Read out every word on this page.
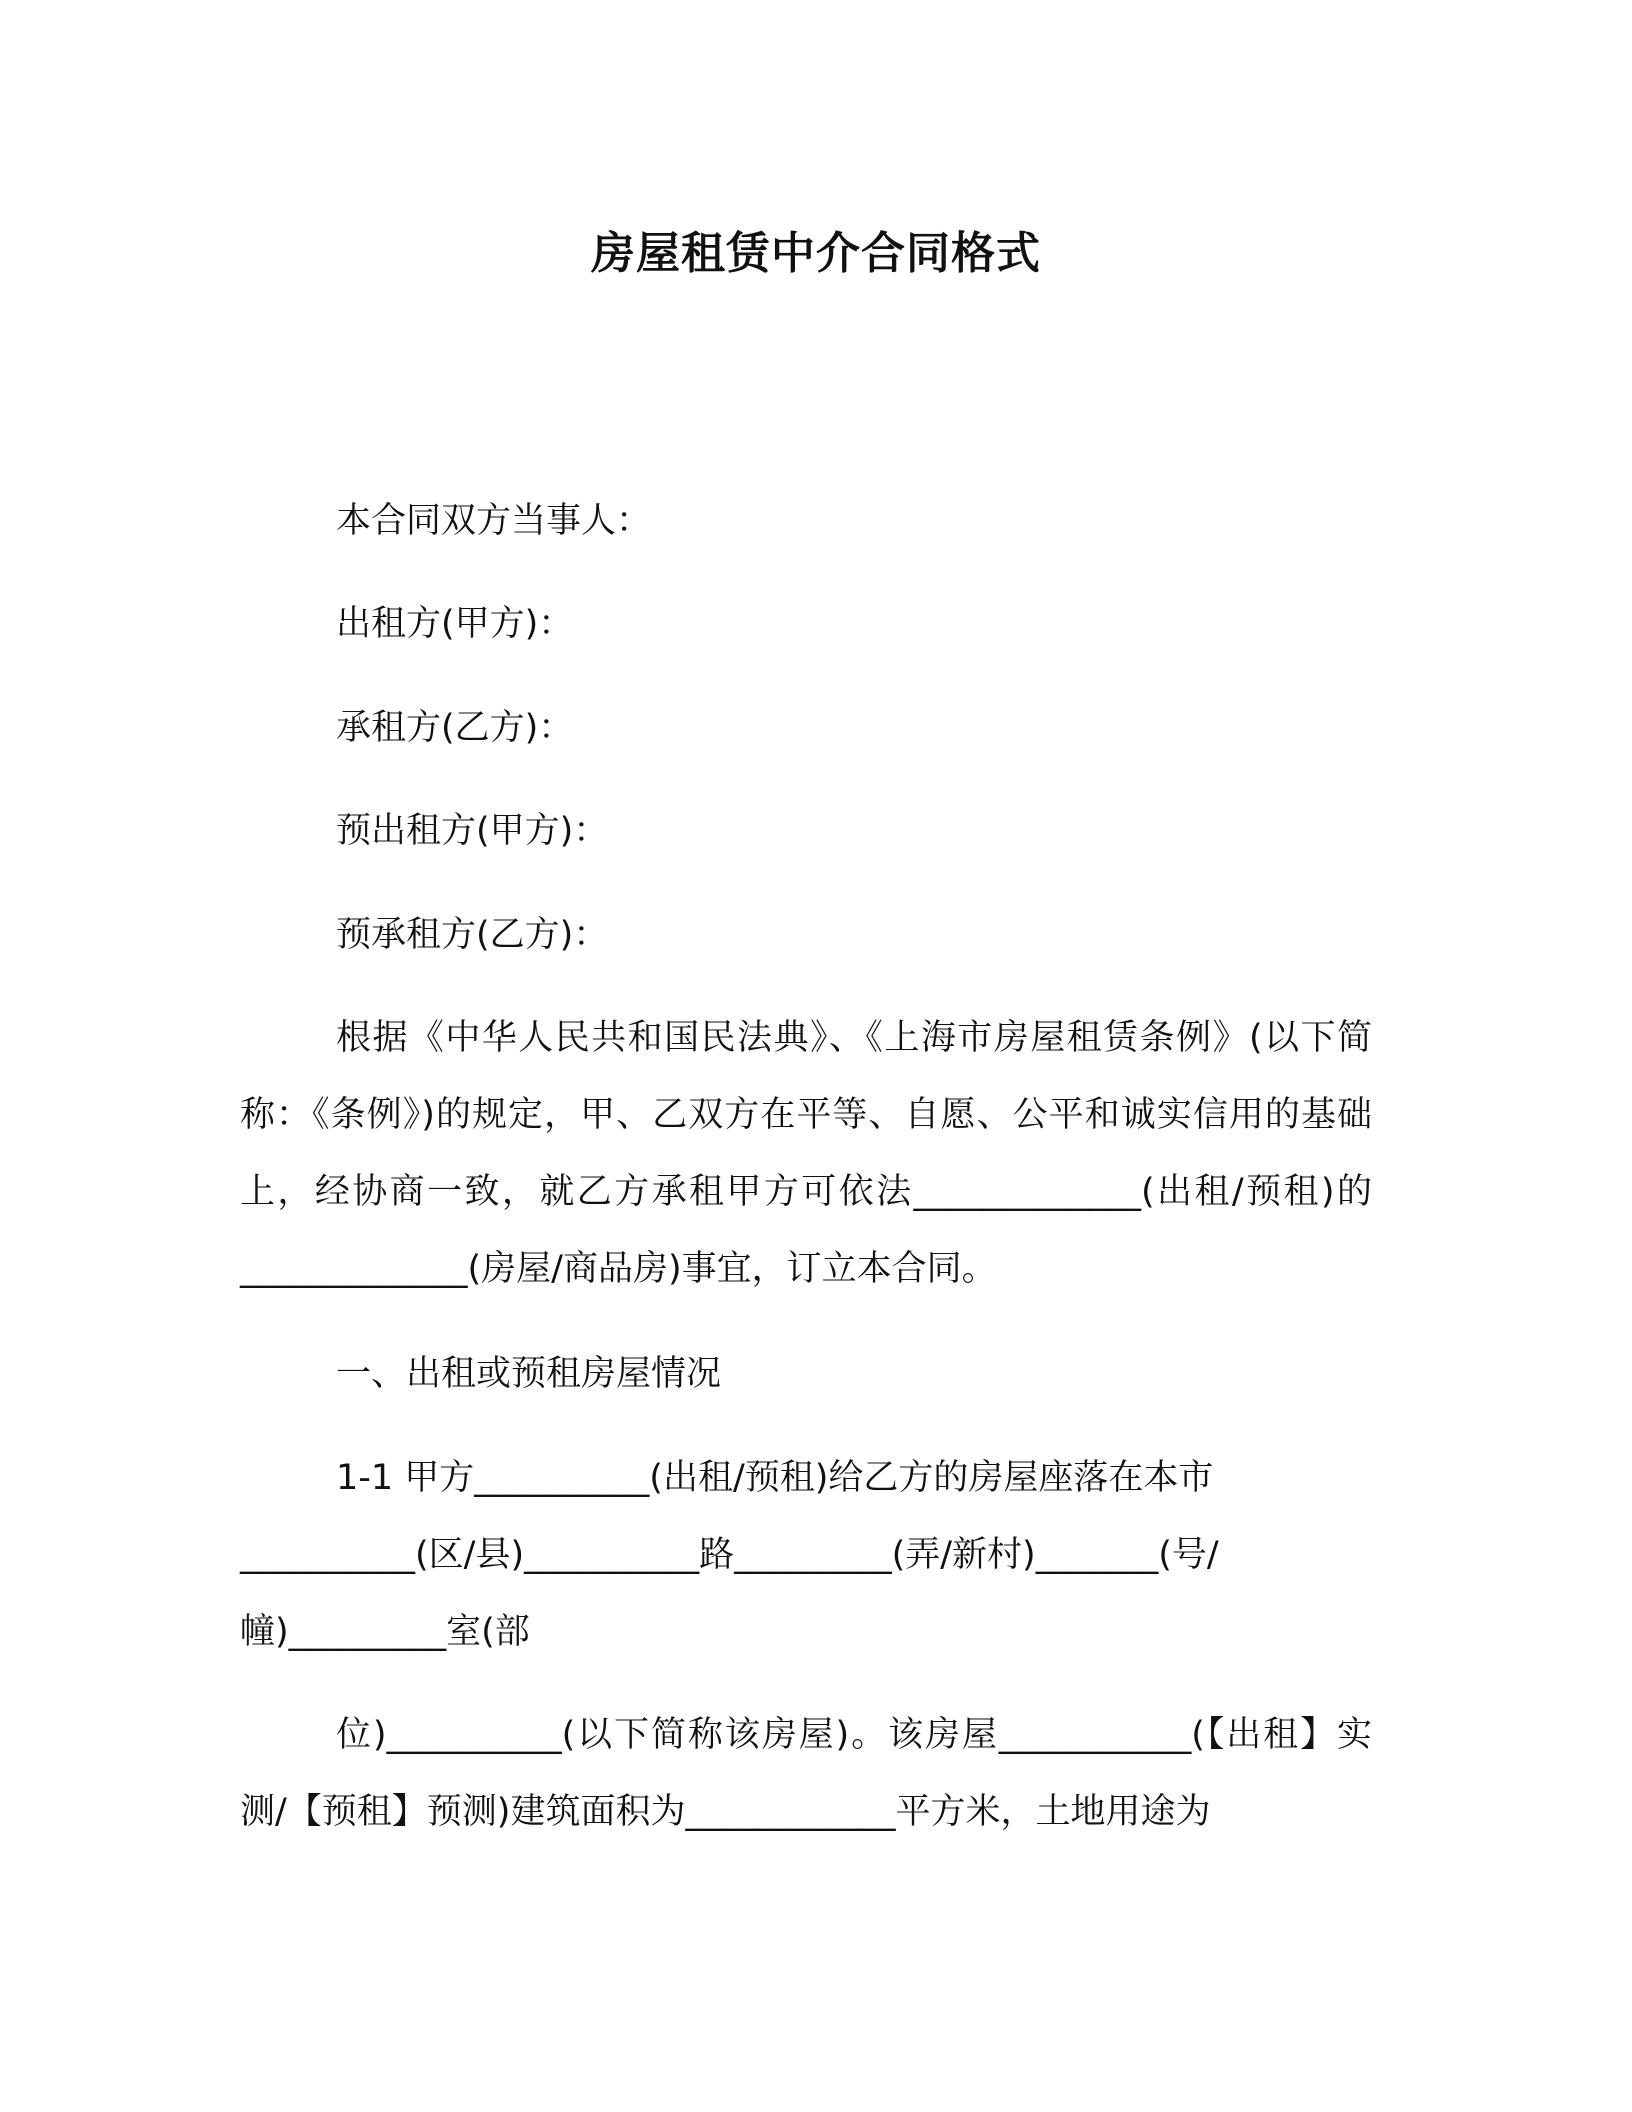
房屋租赁中介合同格式
本合同双方当事人：
出租方(甲方)：
承租方(乙方)：
预出租方(甲方)：
预承租方(乙方)：
根据《中华人民共和国民法典》、《上海市房屋租赁条例》(以下简称：《条例》)的规定，甲、乙双方在平等、自愿、公平和诚实信用的基础上，经协商一致，就乙方承租甲方可依法_____________(出租/预租)的_____________(房屋/商品房)事宜，订立本合同。
一、出租或预租房屋情况
1-1 甲方__________(出租/预租)给乙方的房屋座落在本市
__________(区/县)__________路_________(弄/新村)_______(号/
幢)_________室(部
位)__________(以下简称该房屋)。该房屋___________(【出租】实测/【预租】预测)建筑面积为____________平方米，土地用途为
